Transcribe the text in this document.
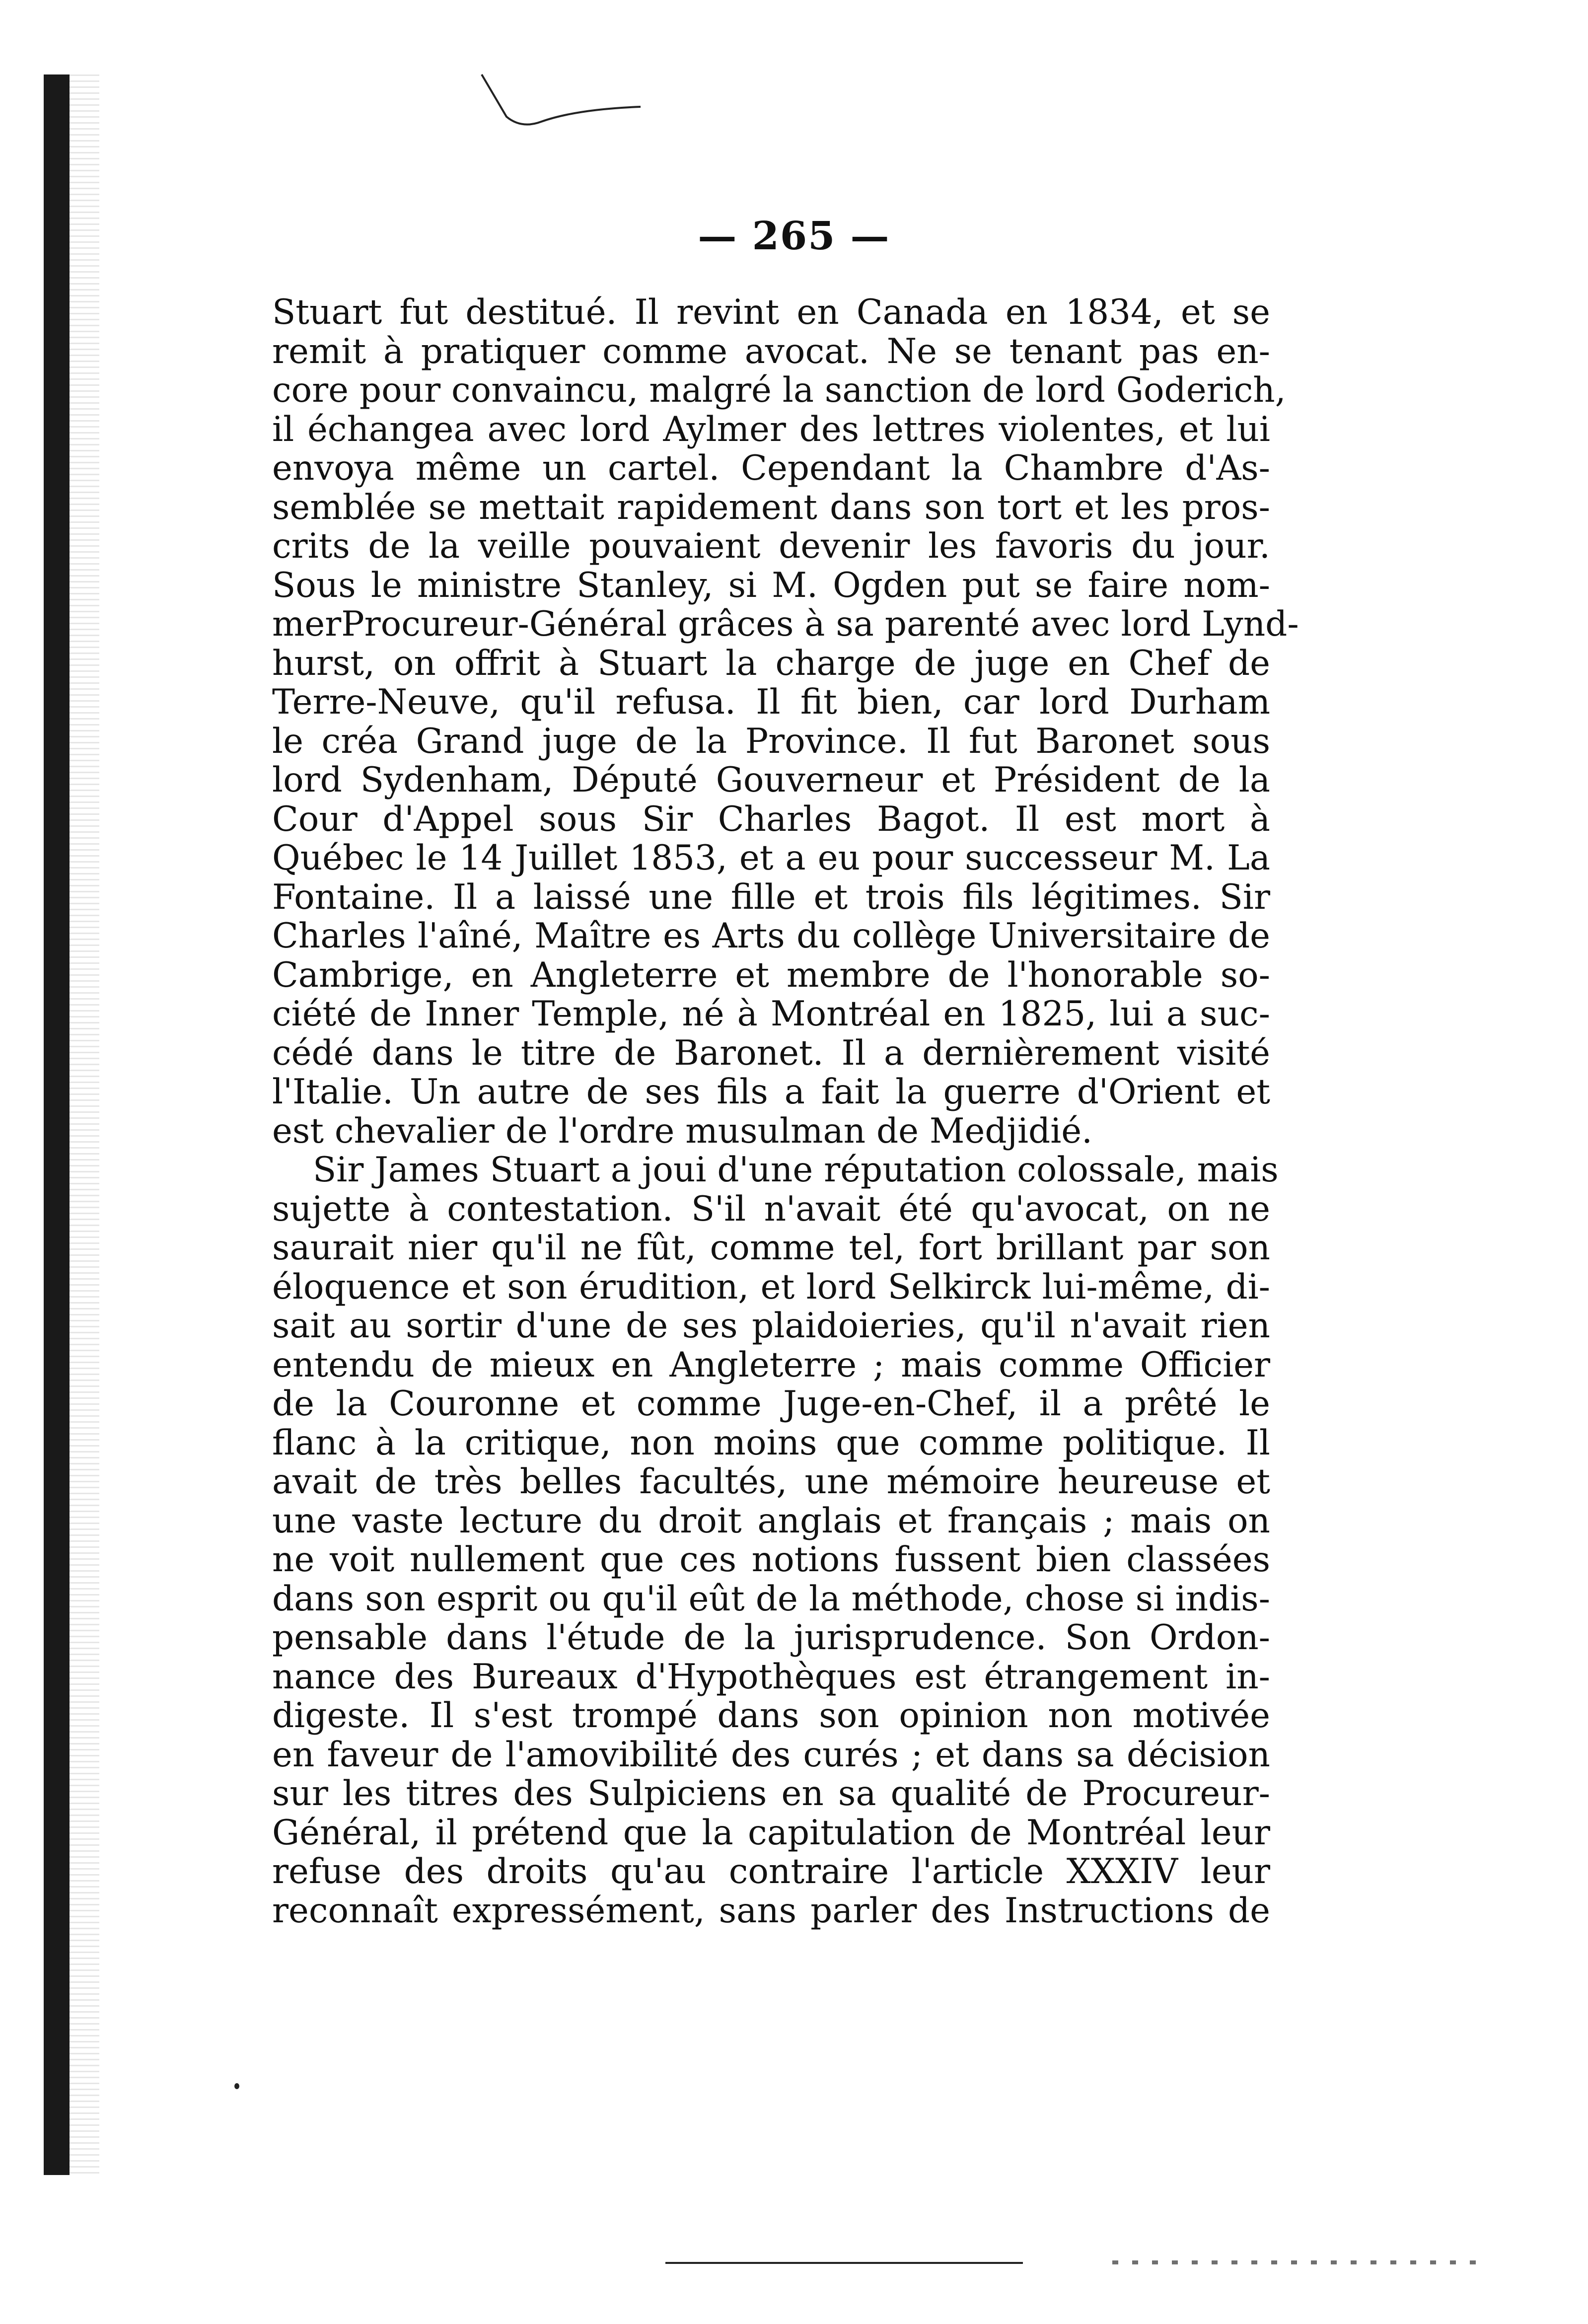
— 265 —
Stuart fut destitué. Il revint en Canada en 1834, et se
remit à pratiquer comme avocat. Ne se tenant pas en-
core pour convaincu, malgré la sanction de lord Goderich,
il échangea avec lord Aylmer des lettres violentes, et lui
envoya même un cartel. Cependant la Chambre d'As-
semblée se mettait rapidement dans son tort et les pros-
crits de la veille pouvaient devenir les favoris du jour.
Sous le ministre Stanley, si M. Ogden put se faire nom-
merProcureur-Général grâces à sa parenté avec lord Lynd-
hurst, on offrit à Stuart la charge de juge en Chef de
Terre-Neuve, qu'il refusa. Il fit bien, car lord Durham
le créa Grand juge de la Province. Il fut Baronet sous
lord Sydenham, Député Gouverneur et Président de la
Cour d'Appel sous Sir Charles Bagot. Il est mort à
Québec le 14 Juillet 1853, et a eu pour successeur M. La
Fontaine. Il a laissé une fille et trois fils légitimes. Sir
Charles l'aîné, Maître es Arts du collège Universitaire de
Cambrige, en Angleterre et membre de l'honorable so-
ciété de Inner Temple, né à Montréal en 1825, lui a suc-
cédé dans le titre de Baronet. Il a dernièrement visité
l'Italie. Un autre de ses fils a fait la guerre d'Orient et
est chevalier de l'ordre musulman de Medjidié.
Sir James Stuart a joui d'une réputation colossale, mais
sujette à contestation. S'il n'avait été qu'avocat, on ne
saurait nier qu'il ne fût, comme tel, fort brillant par son
éloquence et son érudition, et lord Selkirck lui-même, di-
sait au sortir d'une de ses plaidoieries, qu'il n'avait rien
entendu de mieux en Angleterre ; mais comme Officier
de la Couronne et comme Juge-en-Chef, il a prêté le
flanc à la critique, non moins que comme politique. Il
avait de très belles facultés, une mémoire heureuse et
une vaste lecture du droit anglais et français ; mais on
ne voit nullement que ces notions fussent bien classées
dans son esprit ou qu'il eût de la méthode, chose si indis-
pensable dans l'étude de la jurisprudence. Son Ordon-
nance des Bureaux d'Hypothèques est étrangement in-
digeste. Il s'est trompé dans son opinion non motivée
en faveur de l'amovibilité des curés ; et dans sa décision
sur les titres des Sulpiciens en sa qualité de Procureur-
Général, il prétend que la capitulation de Montréal leur
refuse des droits qu'au contraire l'article XXXIV leur
reconnaît expressément, sans parler des Instructions de
